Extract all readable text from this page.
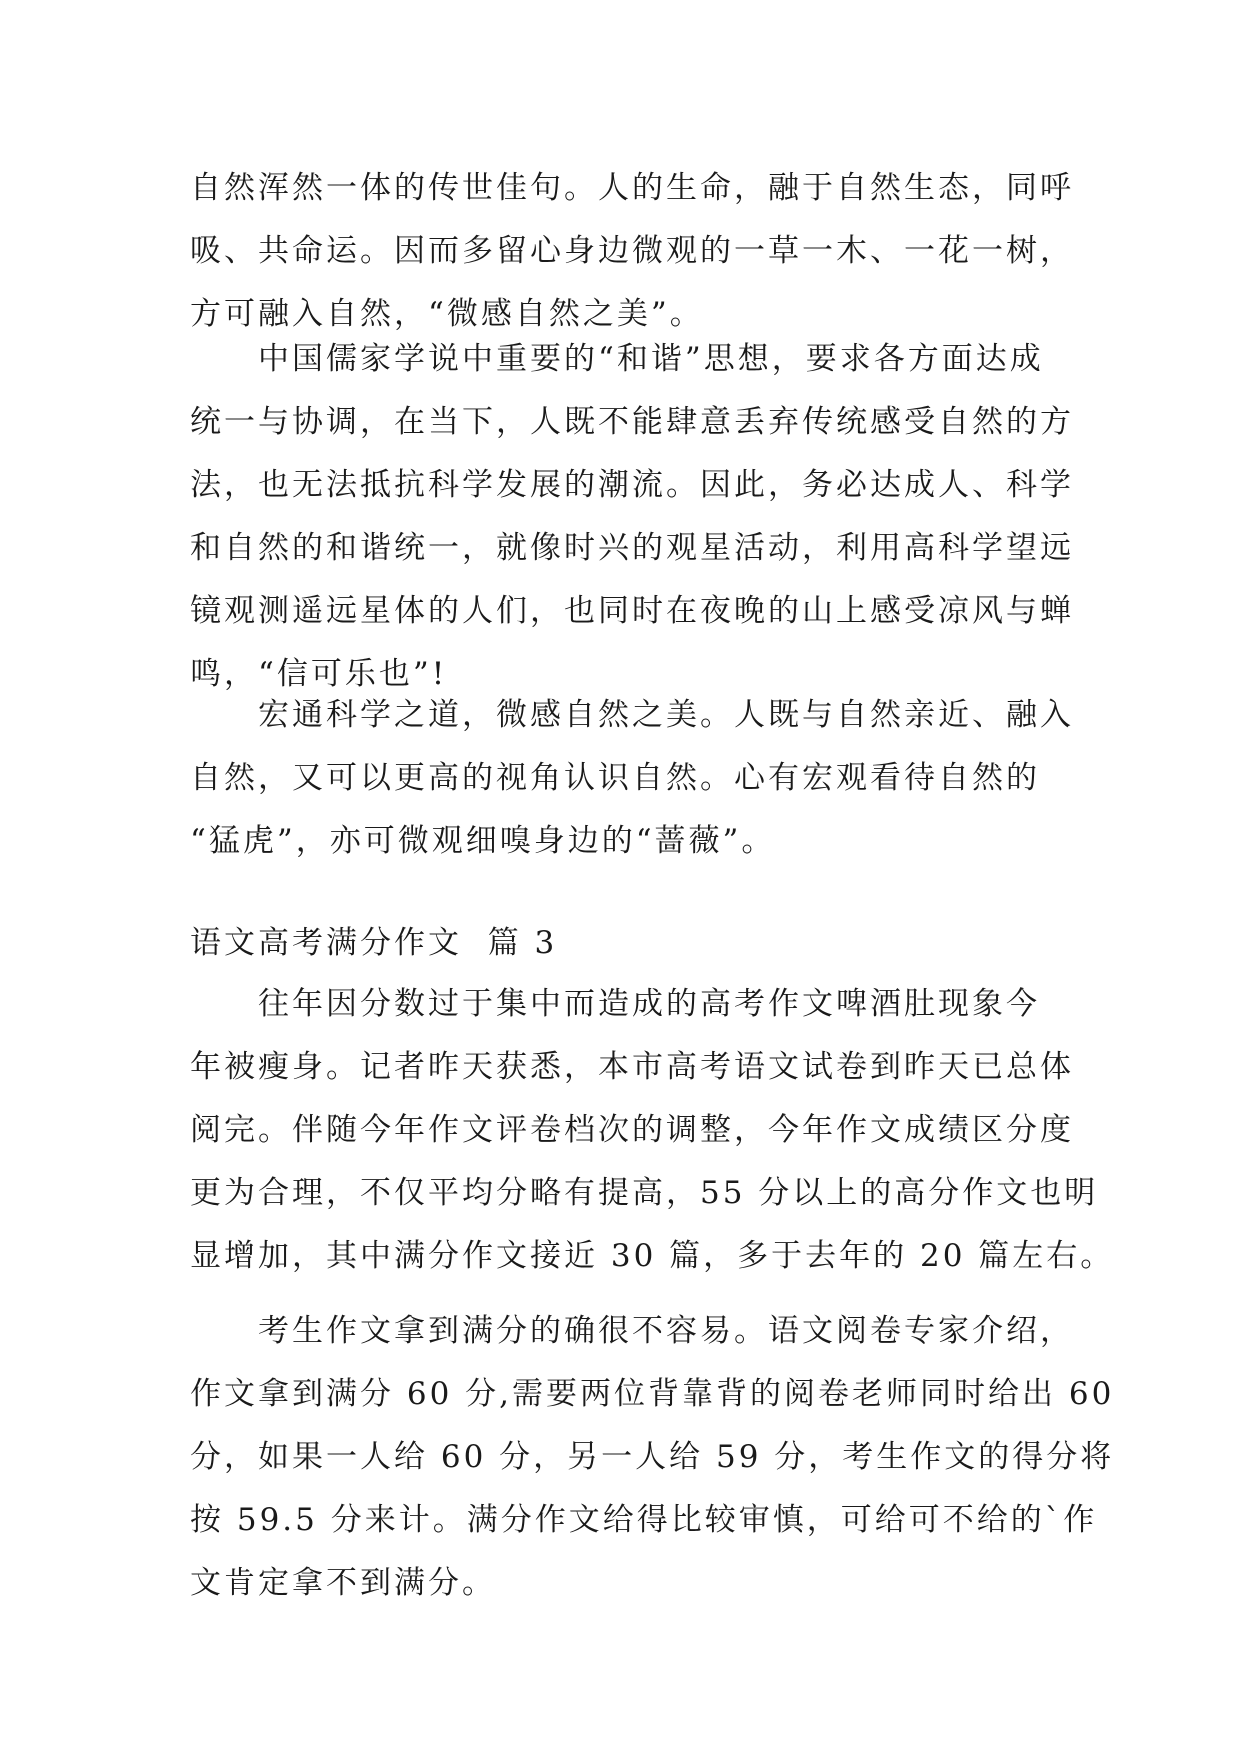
自然浑然一体的传世佳句。人的生命，融于自然生态，同呼
吸、共命运。因而多留心身边微观的一草一木、一花一树，
方可融入自然，“微感自然之美”。
中国儒家学说中重要的“和谐”思想，要求各方面达成
统一与协调，在当下，人既不能肆意丢弃传统感受自然的方
法，也无法抵抗科学发展的潮流。因此，务必达成人、科学
和自然的和谐统一，就像时兴的观星活动，利用高科学望远
镜观测遥远星体的人们，也同时在夜晚的山上感受凉风与蝉
鸣，“信可乐也”!
宏通科学之道，微感自然之美。人既与自然亲近、融入
自然，又可以更高的视角认识自然。心有宏观看待自然的
“猛虎”，亦可微观细嗅身边的“蔷薇”。
语文高考满分作文  篇 3
往年因分数过于集中而造成的高考作文啤酒肚现象今
年被瘦身。记者昨天获悉，本市高考语文试卷到昨天已总体
阅完。伴随今年作文评卷档次的调整，今年作文成绩区分度
更为合理，不仅平均分略有提高，55 分以上的高分作文也明
显增加，其中满分作文接近 30 篇，多于去年的 20 篇左右。
考生作文拿到满分的确很不容易。语文阅卷专家介绍，
作文拿到满分 60 分,需要两位背靠背的阅卷老师同时给出 60
分，如果一人给 60 分，另一人给 59 分，考生作文的得分将
按 59.5 分来计。满分作文给得比较审慎，可给可不给的`作
文肯定拿不到满分。
